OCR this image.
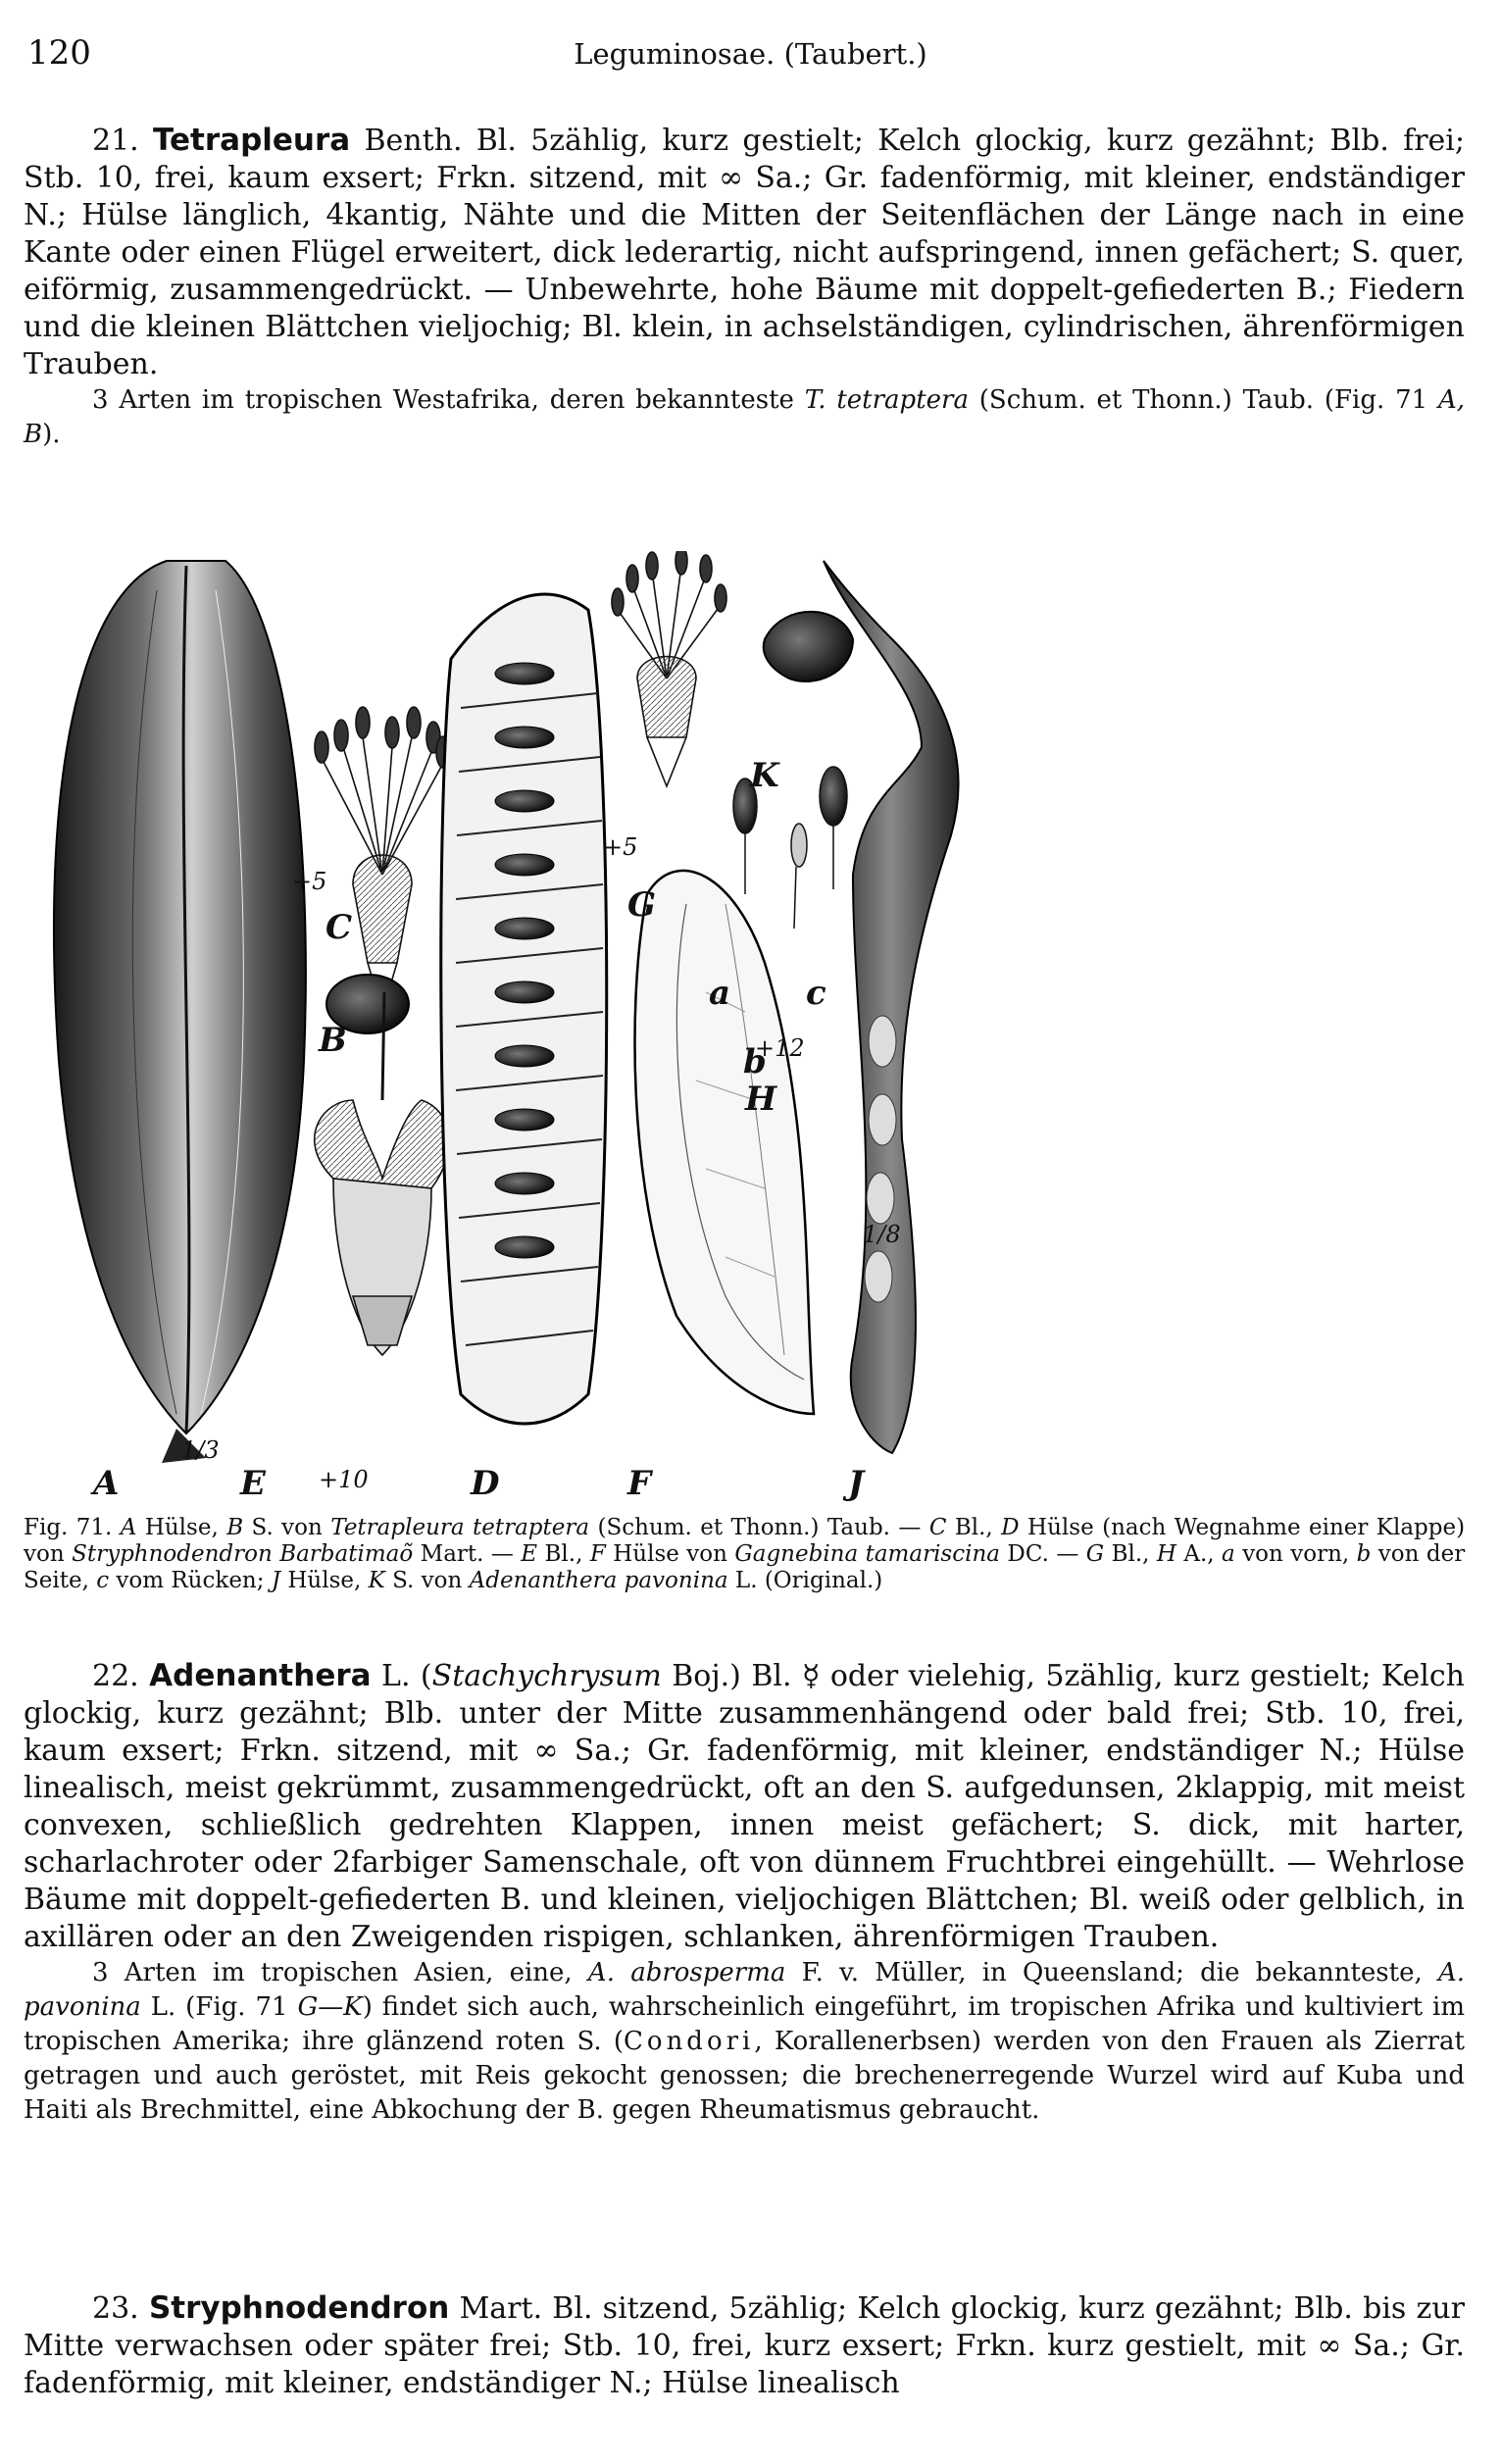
120	Leguminosae. (Taubert.)

21. Tetrapleura Benth. Bl. 5zählig, kurz gestielt; Kelch glockig, kurz gezähnt; Blb. frei; Stb. 10, frei, kaum exsert; Frkn. sitzend, mit ∞ Sa.; Gr. fadenförmig, mit kleiner, endständiger N.; Hülse länglich, 4kantig, Nähte und die Mitten der Seitenflächen der Länge nach in eine Kante oder einen Flügel erweitert, dick lederartig, nicht aufspringend, innen gefächert; S. quer, eiförmig, zusammengedrückt. — Unbewehrte, hohe Bäume mit doppelt-gefiederten B.; Fiedern und die kleinen Blättchen vieljochig; Bl. klein, in achselständigen, cylindrischen, ährenförmigen Trauben.

3 Arten im tropischen Westafrika, deren bekannteste T. tetraptera (Schum. et Thonn.) Taub. (Fig. 71 A, B).

A
B
C
D
E	F
G
H
J
K
a
b
c
1/3
+5
+10
+5
+12
1/8

Fig. 71. A Hülse, B S. von Tetrapleura tetraptera (Schum. et Thonn.) Taub. — C Bl., D Hülse (nach Wegnahme einer Klappe) von Stryphnodendron Barbatimaõ Mart. — E Bl., F Hülse von Gagnebina tamariscina DC. — G Bl., H A., a von vorn, b von der Seite, c vom Rücken; J Hülse, K S. von Adenanthera pavonina L. (Original.)

22. Adenanthera L. (Stachychrysum Boj.) Bl. ☿ oder vielehig, 5zählig, kurz gestielt; Kelch glockig, kurz gezähnt; Blb. unter der Mitte zusammenhängend oder bald frei; Stb. 10, frei, kaum exsert; Frkn. sitzend, mit ∞ Sa.; Gr. fadenförmig, mit kleiner, endständiger N.; Hülse linealisch, meist gekrümmt, zusammengedrückt, oft an den S. aufgedunsen, 2klappig, mit meist convexen, schließlich gedrehten Klappen, innen meist gefächert; S. dick, mit harter, scharlachroter oder 2farbiger Samenschale, oft von dünnem Fruchtbrei eingehüllt. — Wehrlose Bäume mit doppelt-gefiederten B. und kleinen, vieljochigen Blättchen; Bl. weiß oder gelblich, in axillären oder an den Zweigenden rispigen, schlanken, ährenförmigen Trauben.

3 Arten im tropischen Asien, eine, A. abrosperma F. v. Müller, in Queensland; die bekannteste, A. pavonina L. (Fig. 71 G—K) findet sich auch, wahrscheinlich eingeführt, im tropischen Afrika und kultiviert im tropischen Amerika; ihre glänzend roten S. (Condori, Korallenerbsen) werden von den Frauen als Zierrat getragen und auch geröstet, mit Reis gekocht genossen; die brechenerregende Wurzel wird auf Kuba und Haiti als Brechmittel, eine Abkochung der B. gegen Rheumatismus gebraucht.

23. Stryphnodendron Mart. Bl. sitzend, 5zählig; Kelch glockig, kurz gezähnt; Blb. bis zur Mitte verwachsen oder später frei; Stb. 10, frei, kurz exsert; Frkn. kurz gestielt, mit ∞ Sa.; Gr. fadenförmig, mit kleiner, endständiger N.; Hülse linealisch
